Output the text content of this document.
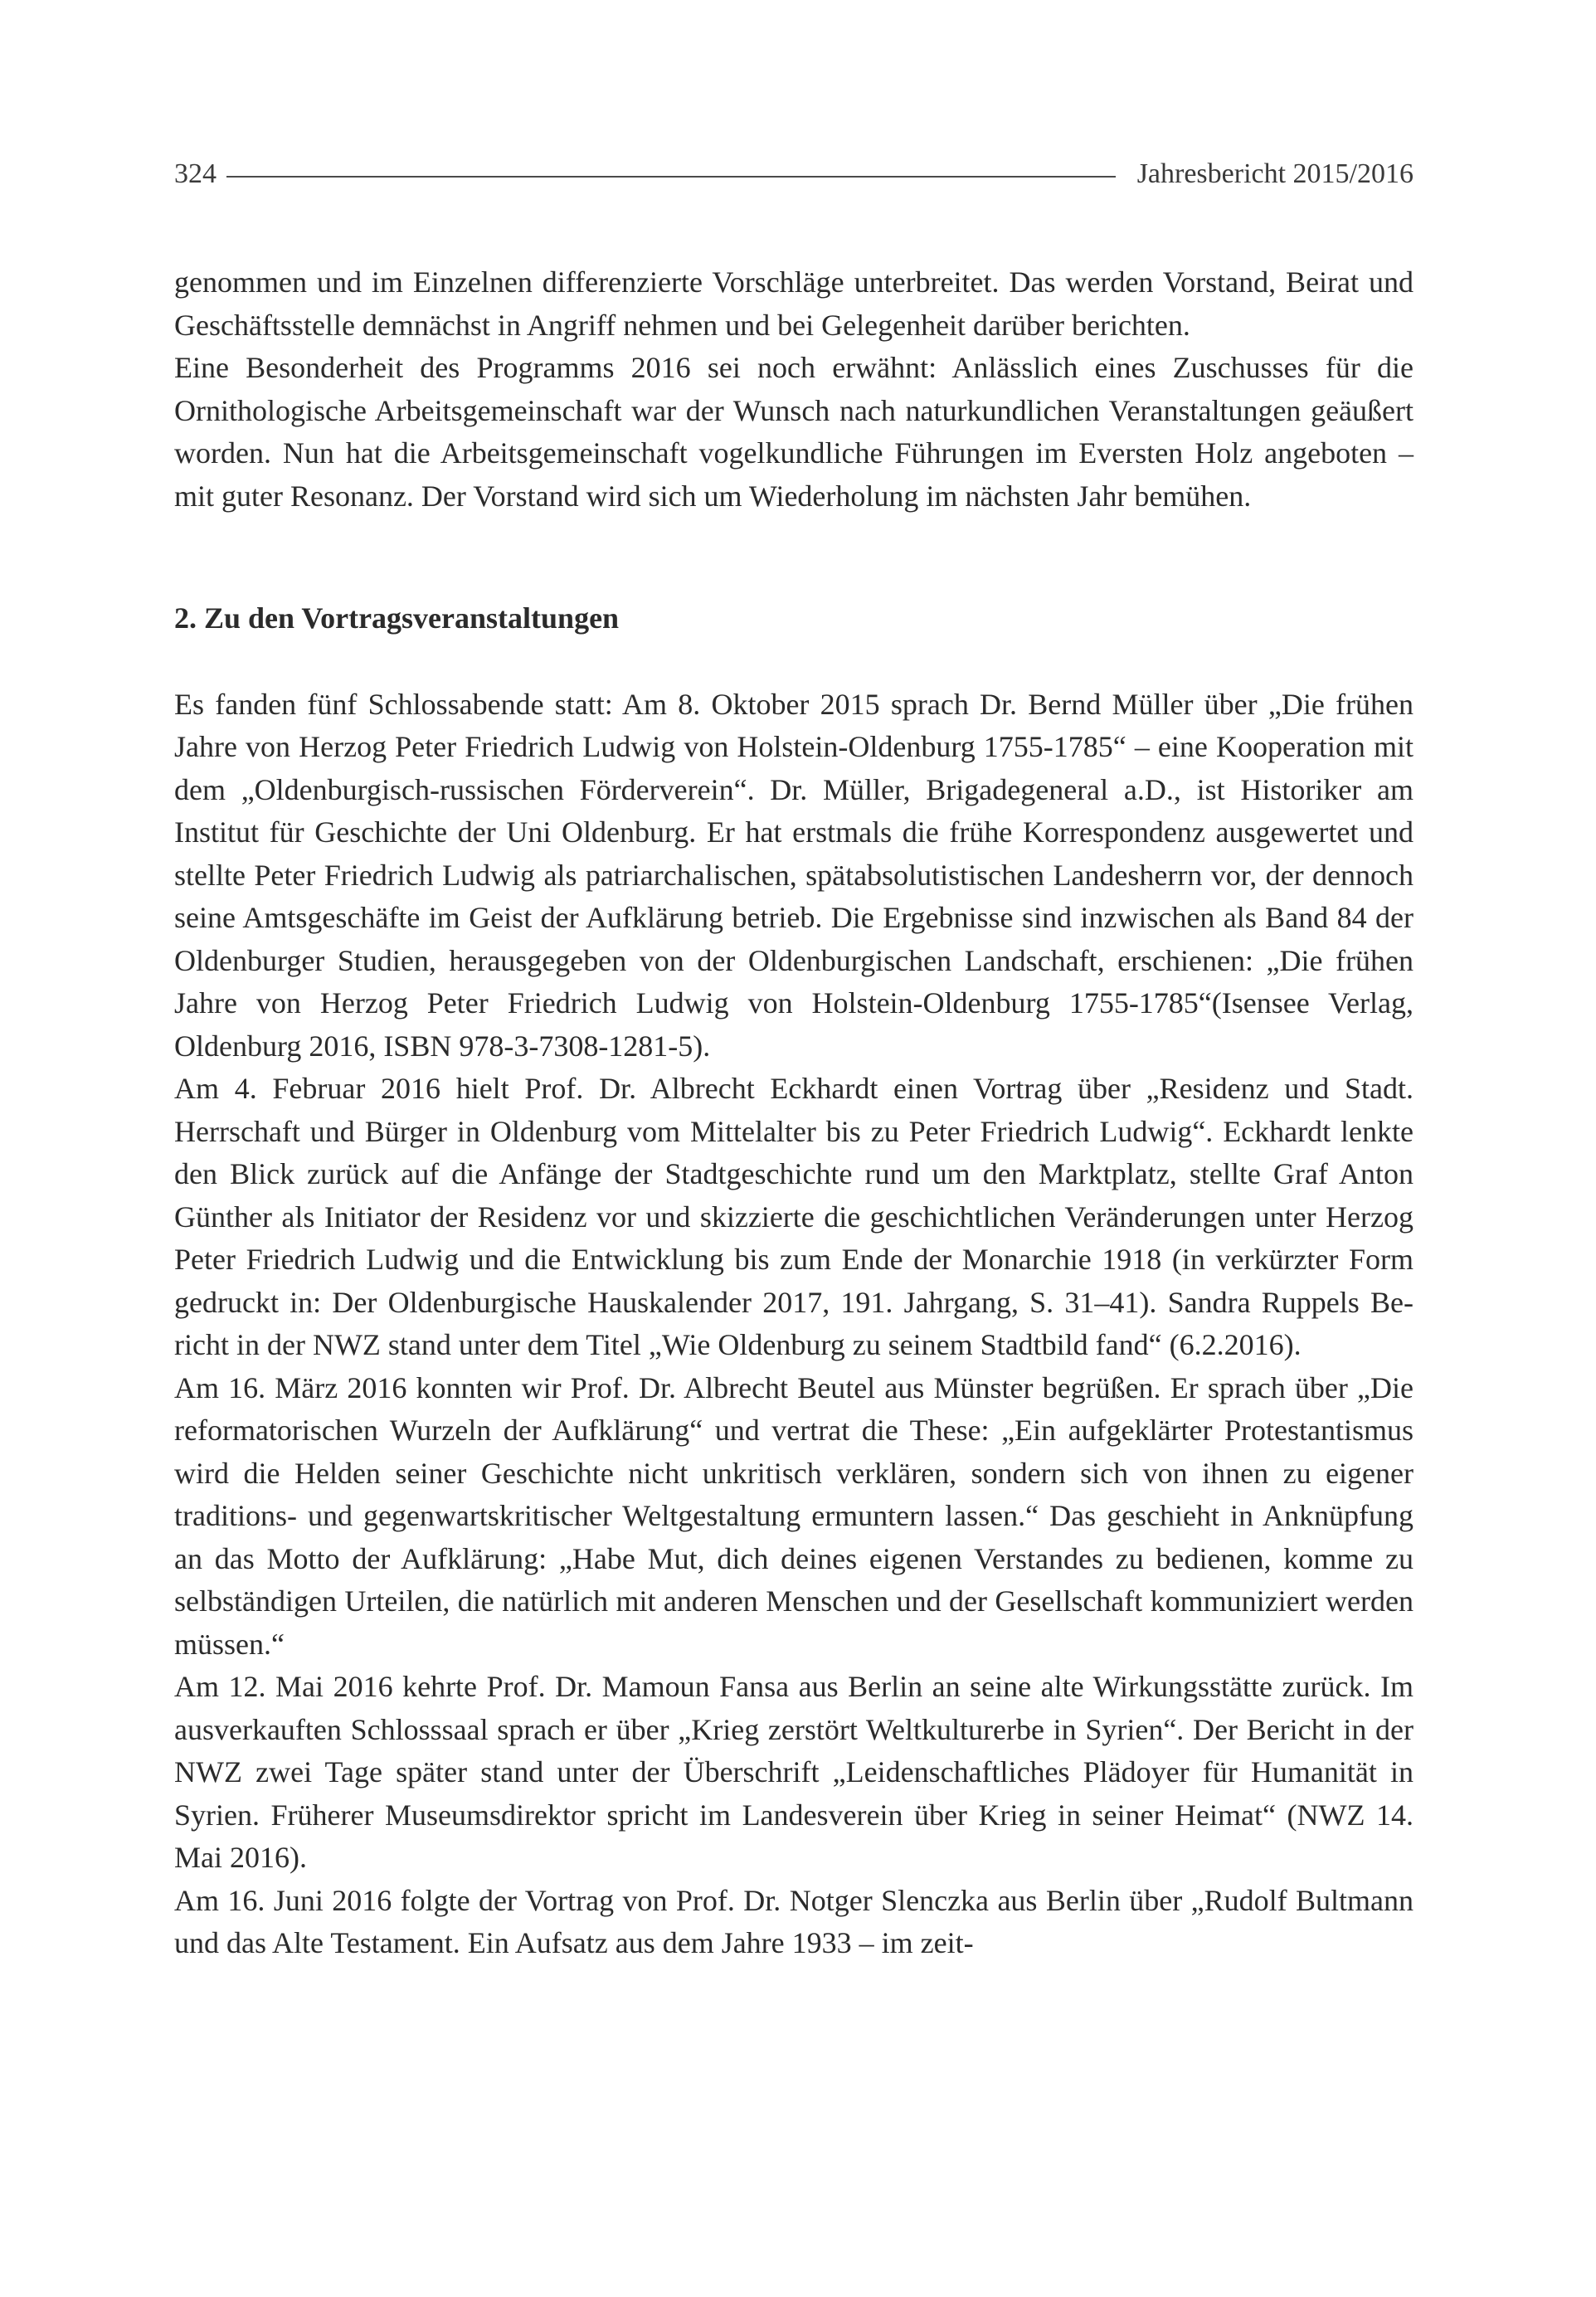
324	Jahresbericht 2015/2016

genommen und im Einzelnen differenzierte Vorschläge unterbreitet. Das werden Vorstand, Beirat und Geschäftsstelle demnächst in Angriff nehmen und bei Gelegenheit darüber berichten.

Eine Besonderheit des Programms 2016 sei noch erwähnt: Anlässlich eines Zuschusses für die Ornithologische Arbeitsgemeinschaft war der Wunsch nach naturkundlichen Veranstaltungen geäußert worden. Nun hat die Arbeitsgemeinschaft vogelkundliche Führungen im Eversten Holz angeboten – mit guter Resonanz. Der Vorstand wird sich um Wiederholung im nächsten Jahr bemühen.

2. Zu den Vortragsveranstaltungen

Es fanden fünf Schlossabende statt: Am 8. Oktober 2015 sprach Dr. Bernd Müller über „Die frühen Jahre von Herzog Peter Friedrich Ludwig von Holstein-Oldenburg 1755-1785“ – eine Kooperation mit dem „Oldenburgisch-russischen Förderverein“. Dr. Müller, Brigadegeneral a.D., ist Historiker am Institut für Geschichte der Uni Oldenburg. Er hat erstmals die frühe Korrespondenz ausgewertet und stellte Peter Friedrich Ludwig als patriarchalischen, spätabsolutistischen Landesherrn vor, der dennoch seine Amtsgeschäfte im Geist der Aufklärung betrieb. Die Ergebnisse sind inzwischen als Band 84 der Oldenburger Studien, herausgegeben von der Oldenburgischen Landschaft, erschienen: „Die frühen Jahre von Herzog Peter Friedrich Ludwig von Holstein-Oldenburg 1755-1785“(Isensee Verlag, Oldenburg 2016, ISBN 978-3-7308-1281-5).

Am 4. Februar 2016 hielt Prof. Dr. Albrecht Eckhardt einen Vortrag über „Residenz und Stadt. Herrschaft und Bürger in Oldenburg vom Mittelalter bis zu Peter Friedrich Ludwig“. Eckhardt lenkte den Blick zurück auf die Anfänge der Stadtgeschichte rund um den Marktplatz, stellte Graf Anton Günther als Initiator der Residenz vor und skizzierte die geschichtlichen Veränderungen unter Herzog Peter Friedrich Ludwig und die Entwicklung bis zum Ende der Monarchie 1918 (in verkürzter Form gedruckt in: Der Oldenburgische Hauskalender 2017, 191. Jahrgang, S. 31–41). Sandra Ruppels Bericht in der NWZ stand unter dem Titel „Wie Oldenburg zu seinem Stadtbild fand“ (6.2.2016).

Am 16. März 2016 konnten wir Prof. Dr. Albrecht Beutel aus Münster begrüßen. Er sprach über „Die reformatorischen Wurzeln der Aufklärung“ und vertrat die These: „Ein aufgeklärter Protestantismus wird die Helden seiner Geschichte nicht unkritisch verklären, sondern sich von ihnen zu eigener traditions- und gegenwartskritischer Weltgestaltung ermuntern lassen.“ Das geschieht in Anknüpfung an das Motto der Aufklärung: „Habe Mut, dich deines eigenen Verstandes zu bedienen, komme zu selbständigen Urteilen, die natürlich mit anderen Menschen und der Gesellschaft kommuniziert werden müssen.“

Am 12. Mai 2016 kehrte Prof. Dr. Mamoun Fansa aus Berlin an seine alte Wirkungsstätte zurück. Im ausverkauften Schlosssaal sprach er über „Krieg zerstört Weltkulturerbe in Syrien“. Der Bericht in der NWZ zwei Tage später stand unter der Überschrift „Leidenschaftliches Plädoyer für Humanität in Syrien. Früherer Museumsdirektor spricht im Landesverein über Krieg in seiner Heimat“ (NWZ 14. Mai 2016).

Am 16. Juni 2016 folgte der Vortrag von Prof. Dr. Notger Slenczka aus Berlin über „Rudolf Bultmann und das Alte Testament. Ein Aufsatz aus dem Jahre 1933 – im zeit-
